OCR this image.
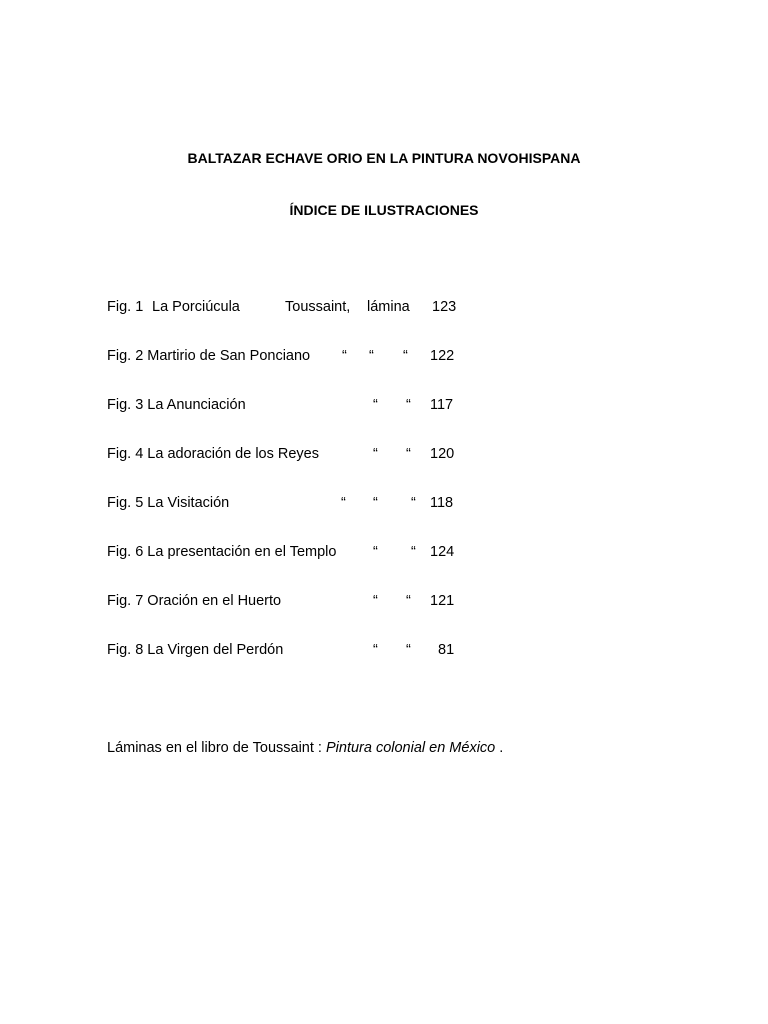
BALTAZAR ECHAVE ORIO EN LA PINTURA NOVOHISPANA
ÍNDICE DE ILUSTRACIONES
Fig. 1 La Porciúcula	Toussaint, lámina 123
Fig. 2 Martirio de San Ponciano “ “ “ 122
Fig. 3 La Anunciación	“ “ 117
Fig. 4 La adoración de los Reyes	“ “ 120
Fig. 5 La Visitación	“ “ “ 118
Fig. 6 La presentación en el Templo	“ “ 124
Fig. 7 Oración en el Huerto	“ “ 121
Fig. 8 La Virgen del Perdón	“ “ 81
Láminas en el libro de Toussaint : Pintura colonial en México .
